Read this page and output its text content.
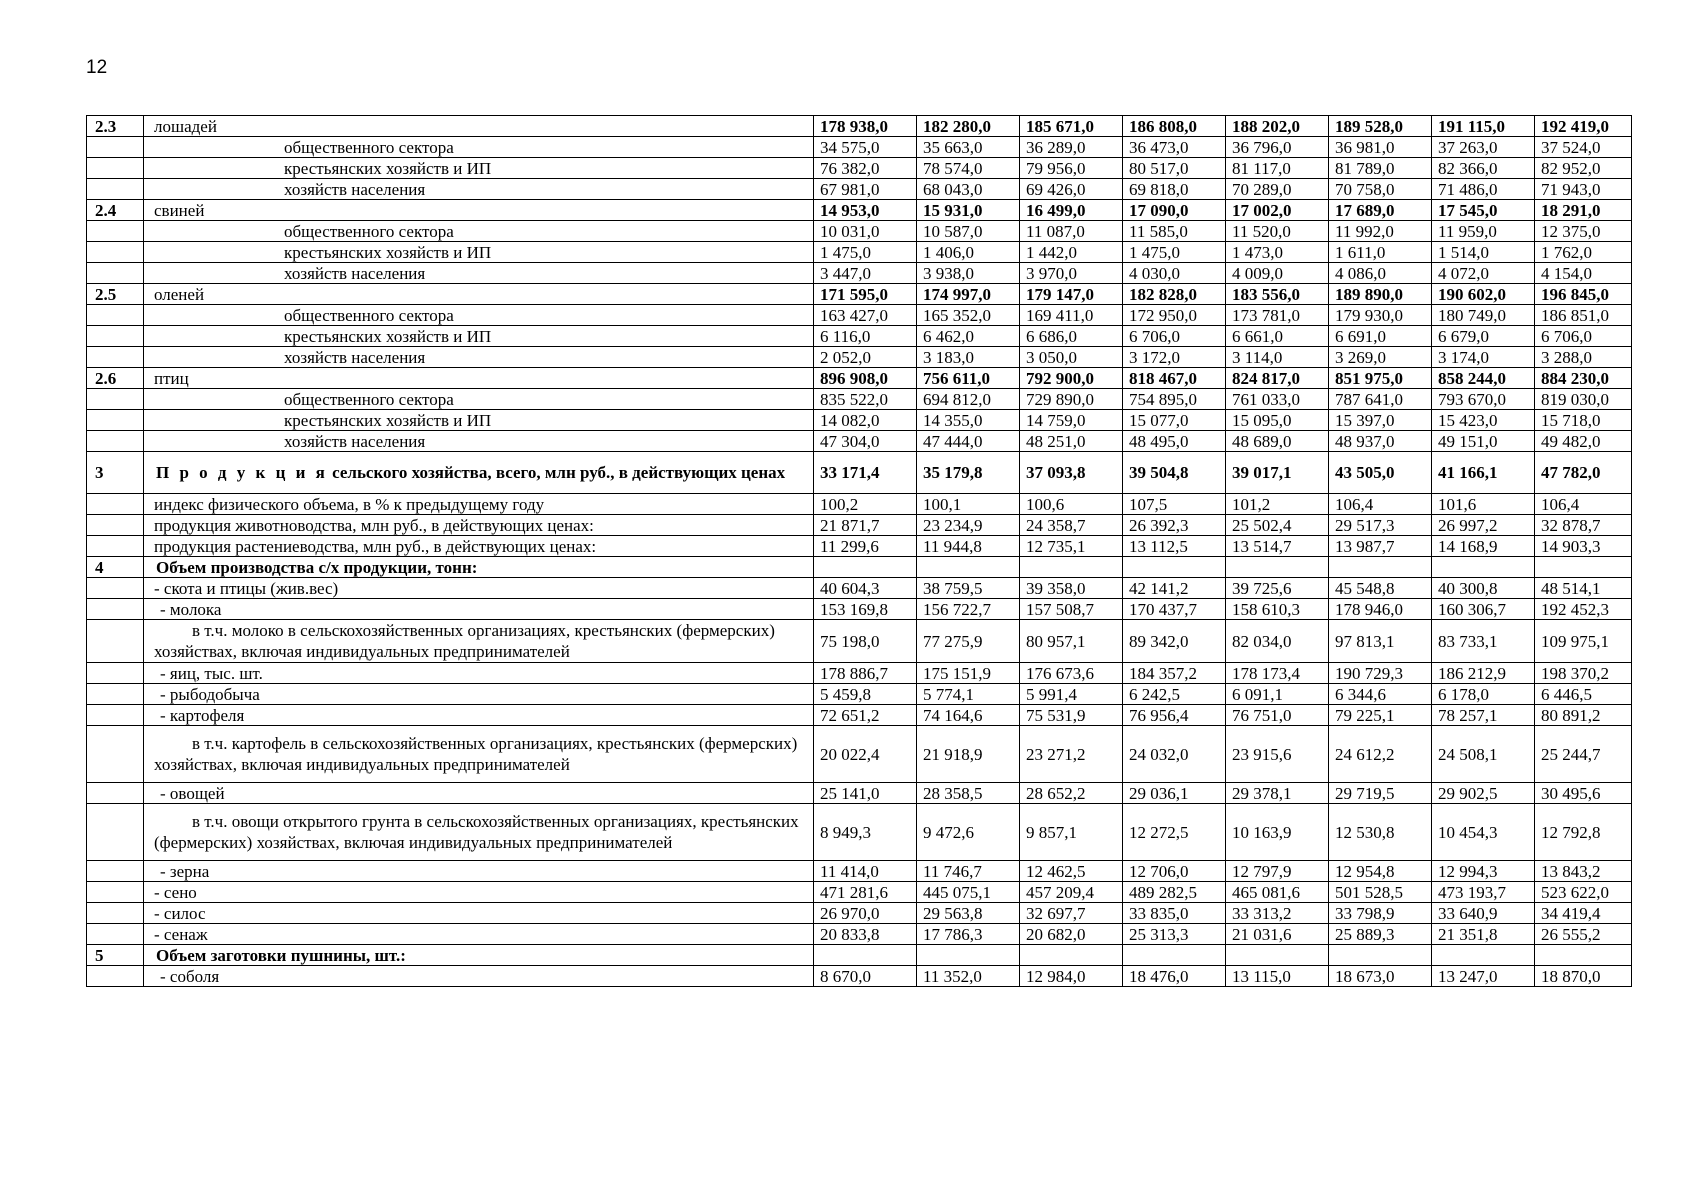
12
2.3	лошадей	178 938,0	182 280,0	185 671,0	186 808,0	188 202,0	189 528,0	191 115,0	192 419,0
	общественного сектора	34 575,0	35 663,0	36 289,0	36 473,0	36 796,0	36 981,0	37 263,0	37 524,0
	крестьянских хозяйств и ИП	76 382,0	78 574,0	79 956,0	80 517,0	81 117,0	81 789,0	82 366,0	82 952,0
	хозяйств населения	67 981,0	68 043,0	69 426,0	69 818,0	70 289,0	70 758,0	71 486,0	71 943,0
2.4	свиней	14 953,0	15 931,0	16 499,0	17 090,0	17 002,0	17 689,0	17 545,0	18 291,0
	общественного сектора	10 031,0	10 587,0	11 087,0	11 585,0	11 520,0	11 992,0	11 959,0	12 375,0
	крестьянских хозяйств и ИП	1 475,0	1 406,0	1 442,0	1 475,0	1 473,0	1 611,0	1 514,0	1 762,0
	хозяйств населения	3 447,0	3 938,0	3 970,0	4 030,0	4 009,0	4 086,0	4 072,0	4 154,0
2.5	оленей	171 595,0	174 997,0	179 147,0	182 828,0	183 556,0	189 890,0	190 602,0	196 845,0
	общественного сектора	163 427,0	165 352,0	169 411,0	172 950,0	173 781,0	179 930,0	180 749,0	186 851,0
	крестьянских хозяйств и ИП	6 116,0	6 462,0	6 686,0	6 706,0	6 661,0	6 691,0	6 679,0	6 706,0
	хозяйств населения	2 052,0	3 183,0	3 050,0	3 172,0	3 114,0	3 269,0	3 174,0	3 288,0
2.6	птиц	896 908,0	756 611,0	792 900,0	818 467,0	824 817,0	851 975,0	858 244,0	884 230,0
	общественного сектора	835 522,0	694 812,0	729 890,0	754 895,0	761 033,0	787 641,0	793 670,0	819 030,0
	крестьянских хозяйств и ИП	14 082,0	14 355,0	14 759,0	15 077,0	15 095,0	15 397,0	15 423,0	15 718,0
	хозяйств населения	47 304,0	47 444,0	48 251,0	48 495,0	48 689,0	48 937,0	49 151,0	49 482,0
3	П р о д у к ц и я сельского хозяйства, всего, млн руб., в действующих ценах	33 171,4	35 179,8	37 093,8	39 504,8	39 017,1	43 505,0	41 166,1	47 782,0
	индекс физического объема, в % к предыдущему году	100,2	100,1	100,6	107,5	101,2	106,4	101,6	106,4
	продукция животноводства, млн руб., в действующих ценах:	21 871,7	23 234,9	24 358,7	26 392,3	25 502,4	29 517,3	26 997,2	32 878,7
	продукция растениеводства, млн руб., в действующих ценах:	11 299,6	11 944,8	12 735,1	13 112,5	13 514,7	13 987,7	14 168,9	14 903,3
4	Объем производства с/х продукции, тонн:								
	- скота и птицы (жив.вес)	40 604,3	38 759,5	39 358,0	42 141,2	39 725,6	45 548,8	40 300,8	48 514,1
	- молока	153 169,8	156 722,7	157 508,7	170 437,7	158 610,3	178 946,0	160 306,7	192 452,3

	в т.ч. молоко в сельскохозяйственных организациях, крестьянских (фермерских) хозяйствах, включая индивидуальных предпринимателей	75 198,0	77 275,9	80 957,1	89 342,0	82 034,0	97 813,1	83 733,1	109 975,1
	- яиц, тыс. шт.	178 886,7	175 151,9	176 673,6	184 357,2	178 173,4	190 729,3	186 212,9	198 370,2
	- рыбодобыча	5 459,8	5 774,1	5 991,4	6 242,5	6 091,1	6 344,6	6 178,0	6 446,5
	- картофеля	72 651,2	74 164,6	75 531,9	76 956,4	76 751,0	79 225,1	78 257,1	80 891,2

	в т.ч. картофель в сельскохозяйственных организациях, крестьянских (фермерских) хозяйствах, включая индивидуальных предпринимателей	20 022,4	21 918,9	23 271,2	24 032,0	23 915,6	24 612,2	24 508,1	25 244,7
	- овощей	25 141,0	28 358,5	28 652,2	29 036,1	29 378,1	29 719,5	29 902,5	30 495,6

	в т.ч. овощи открытого грунта в сельскохозяйственных организациях, крестьянских (фермерских) хозяйствах, включая индивидуальных предпринимателей	8 949,3	9 472,6	9 857,1	12 272,5	10 163,9	12 530,8	10 454,3	12 792,8
	- зерна	11 414,0	11 746,7	12 462,5	12 706,0	12 797,9	12 954,8	12 994,3	13 843,2
	- сено	471 281,6	445 075,1	457 209,4	489 282,5	465 081,6	501 528,5	473 193,7	523 622,0
	- силос	26 970,0	29 563,8	32 697,7	33 835,0	33 313,2	33 798,9	33 640,9	34 419,4
	- сенаж	20 833,8	17 786,3	20 682,0	25 313,3	21 031,6	25 889,3	21 351,8	26 555,2
5	Объем заготовки пушнины, шт.:								
	- соболя	8 670,0	11 352,0	12 984,0	18 476,0	13 115,0	18 673,0	13 247,0	18 870,0
